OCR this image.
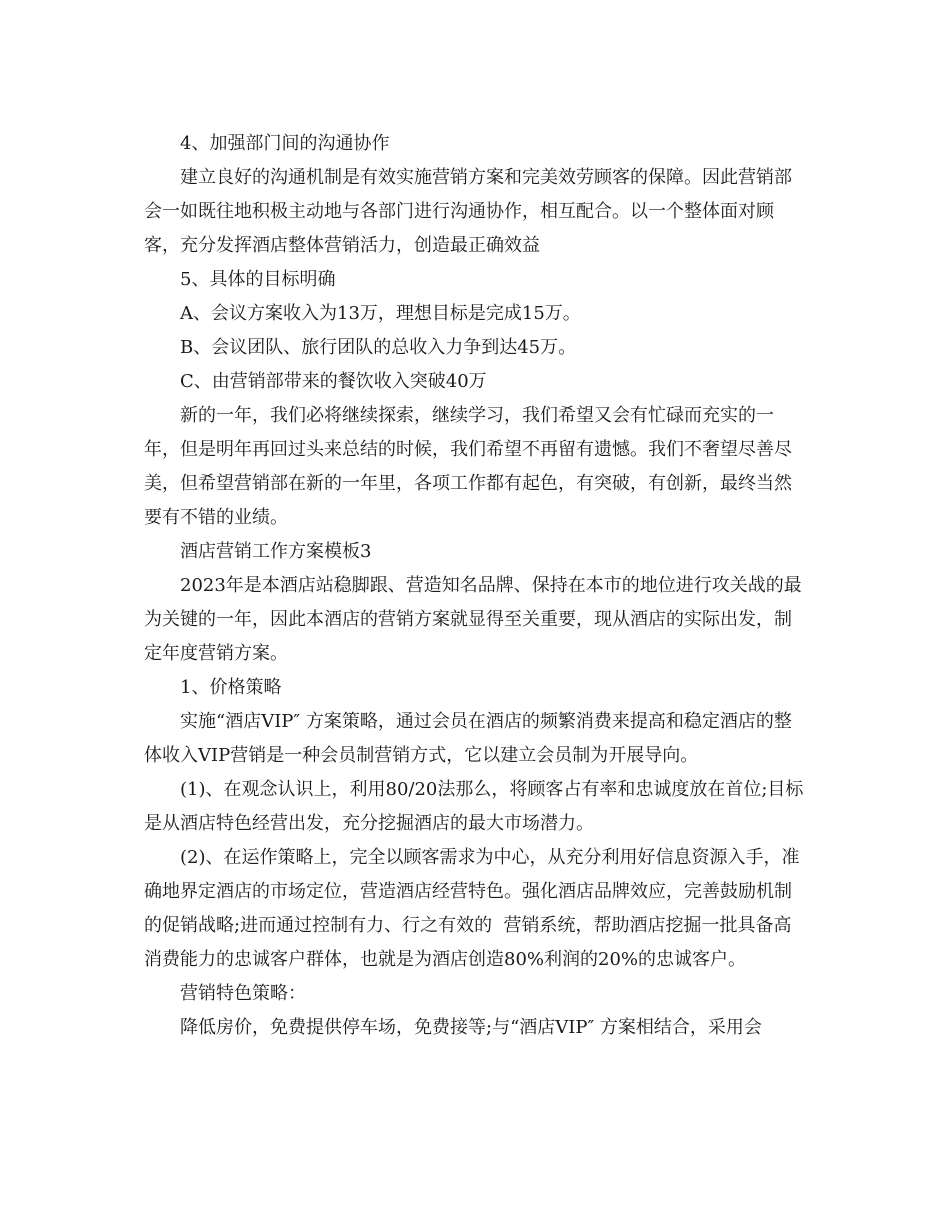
4、加强部门间的沟通协作

建立良好的沟通机制是有效实施营销方案和完美效劳顾客的保障。因此营销部会一如既往地积极主动地与各部门进行沟通协作，相互配合。以一个整体面对顾客，充分发挥酒店整体营销活力，创造最正确效益

5、具体的目标明确

A、会议方案收入为13万，理想目标是完成15万。

B、会议团队、旅行团队的总收入力争到达45万。

C、由营销部带来的餐饮收入突破40万

新的一年，我们必将继续探索，继续学习，我们希望又会有忙碌而充实的一年，但是明年再回过头来总结的时候，我们希望不再留有遗憾。我们不奢望尽善尽美，但希望营销部在新的一年里，各项工作都有起色，有突破，有创新，最终当然要有不错的业绩。

酒店营销工作方案模板3

2023年是本酒店站稳脚跟、营造知名品牌、保持在本市的地位进行攻关战的最为关键的一年，因此本酒店的营销方案就显得至关重要，现从酒店的实际出发，制定年度营销方案。

1、价格策略

实施“酒店VIP″ 方案策略，通过会员在酒店的频繁消费来提高和稳定酒店的整体收入VIP营销是一种会员制营销方式，它以建立会员制为开展导向。

(1)、在观念认识上，利用80/20法那么，将顾客占有率和忠诚度放在首位;目标是从酒店特色经营出发，充分挖掘酒店的最大市场潜力。

(2)、在运作策略上，完全以顾客需求为中心，从充分利用好信息资源入手，准确地界定酒店的市场定位，营造酒店经营特色。强化酒店品牌效应，完善鼓励机制的促销战略;进而通过控制有力、行之有效的  营销系统，帮助酒店挖掘一批具备高消费能力的忠诚客户群体，也就是为酒店创造80%利润的20%的忠诚客户。

营销特色策略：

降低房价，免费提供停车场，免费接等;与“酒店VIP″ 方案相结合，采用会
